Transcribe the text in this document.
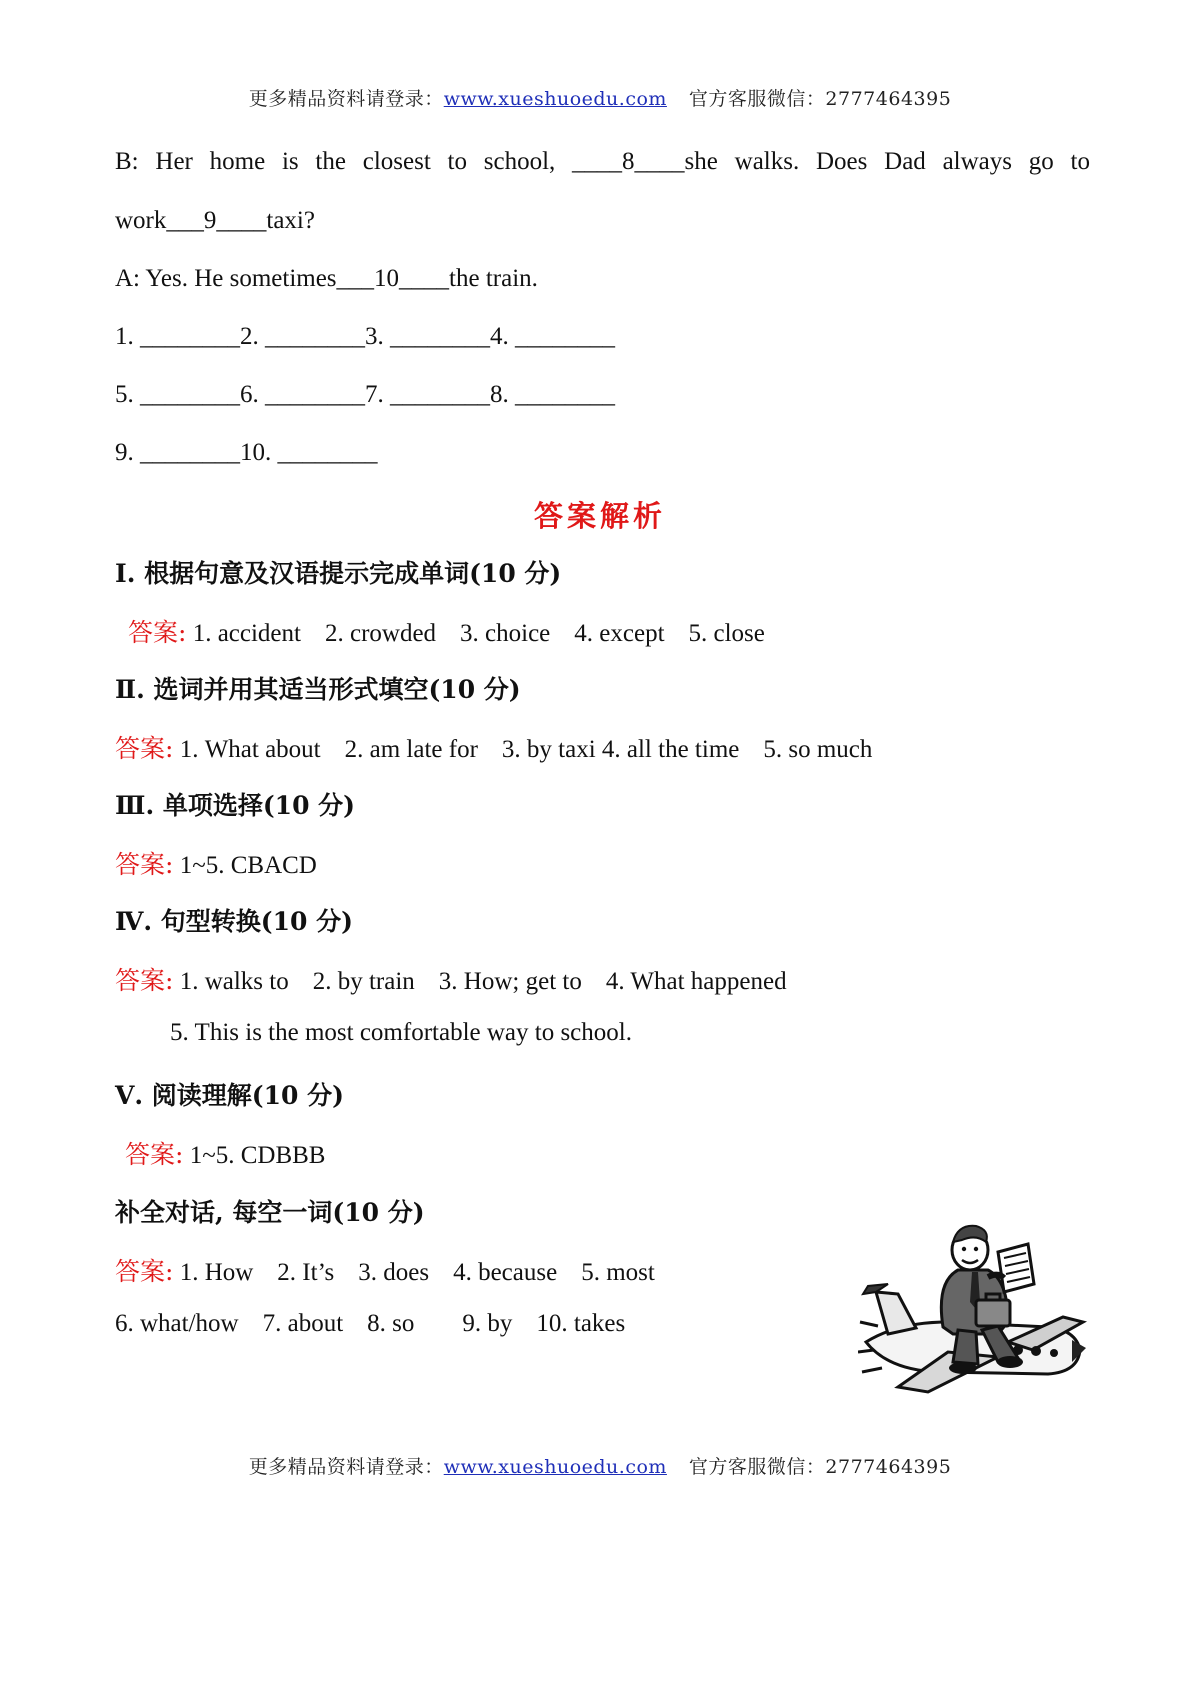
更多精品资料请登录：www.xueshuoedu.com 官方客服微信：2777464395
B: Her home is the closest to school, ____8____she walks. Does Dad always go to
work___9____taxi?
A: Yes. He sometimes___10____the train.
1. ________2. ________3. ________4. ________
5. ________6. ________7. ________8. ________
9. ________10. ________
答案解析
Ⅰ. 根据句意及汉语提示完成单词(10 分)
答案: 1. accident 2. crowded 3. choice 4. except 5. close
Ⅱ. 选词并用其适当形式填空(10 分)
答案: 1. What about 2. am late for 3. by taxi 4. all the time 5. so much
Ⅲ. 单项选择(10 分)
答案: 1~5. CBACD
Ⅳ. 句型转换(10 分)
答案: 1. walks to 2. by train 3. How; get to 4. What happened
5. This is the most comfortable way to school.
Ⅴ. 阅读理解(10 分)
答案: 1~5. CDBBB
补全对话, 每空一词(10 分)
答案: 1. How 2. It’s 3. does 4. because 5. most
6. what/how 7. about 8. so 9. by 10. takes
更多精品资料请登录：www.xueshuoedu.com 官方客服微信：2777464395
